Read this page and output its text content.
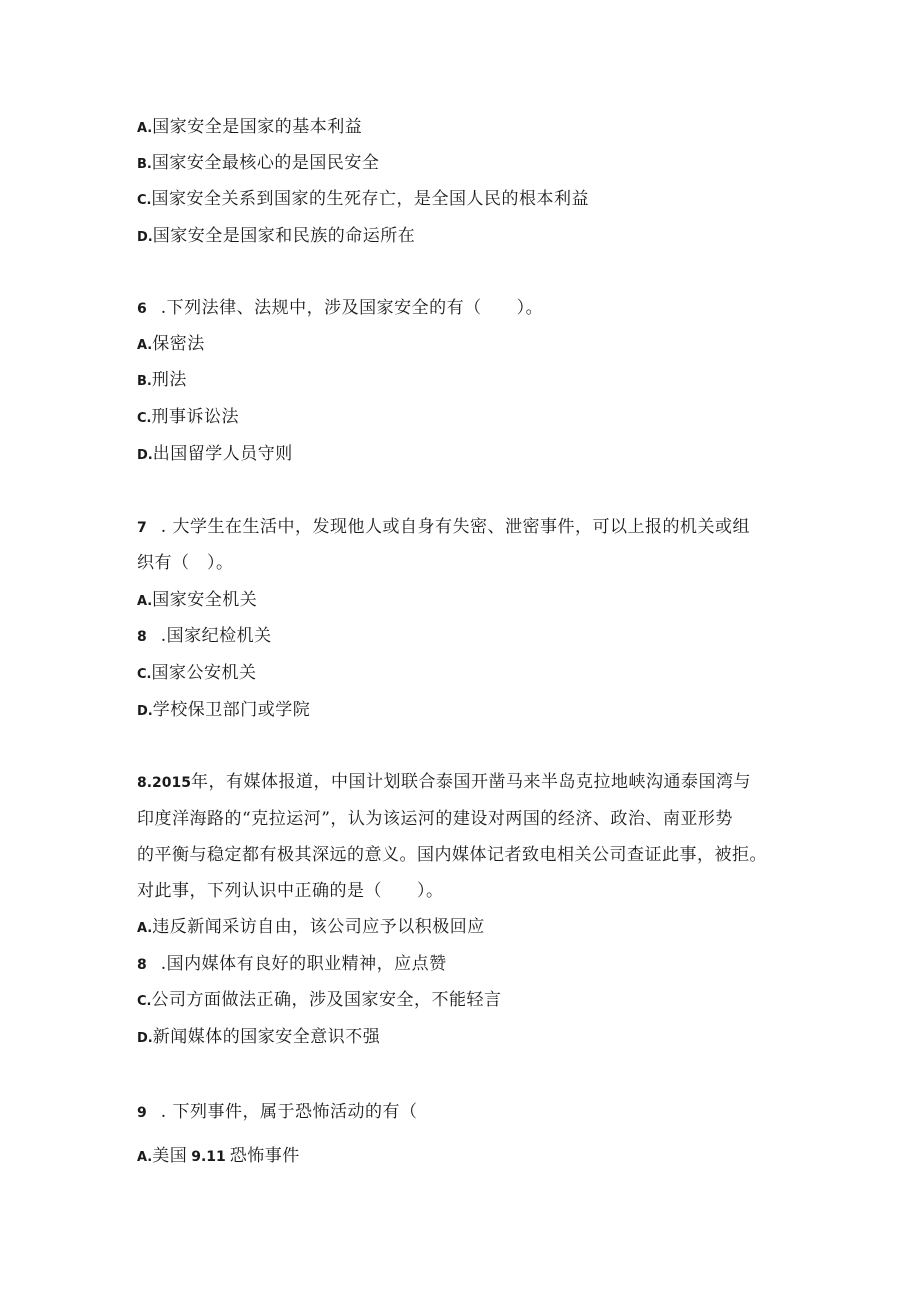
A.国家安全是国家的基本利益
B.国家安全最核心的是国民安全
C.国家安全关系到国家的生死存亡，是全国人民的根本利益
D.国家安全是国家和民族的命运所在
6 .下列法律、法规中，涉及国家安全的有（　　）。
A.保密法
B.刑法
C.刑事诉讼法
D.出国留学人员守则
7 . 大学生在生活中，发现他人或自身有失密、泄密事件，可以上报的机关或组
织有（　）。
A.国家安全机关
8 .国家纪检机关
C.国家公安机关
D.学校保卫部门或学院
8.2015年，有媒体报道，中国计划联合泰国开凿马来半岛克拉地峡沟通泰国湾与
印度洋海路的“克拉运河”，认为该运河的建设对两国的经济、政治、南亚形势
的平衡与稳定都有极其深远的意义。国内媒体记者致电相关公司查证此事，被拒。
对此事，下列认识中正确的是（　　）。
A.违反新闻采访自由，该公司应予以积极回应
8 .国内媒体有良好的职业精神，应点赞
C.公司方面做法正确，涉及国家安全，不能轻言
D.新闻媒体的国家安全意识不强
9 . 下列事件，属于恐怖活动的有（
A.美国 9.11 恐怖事件
